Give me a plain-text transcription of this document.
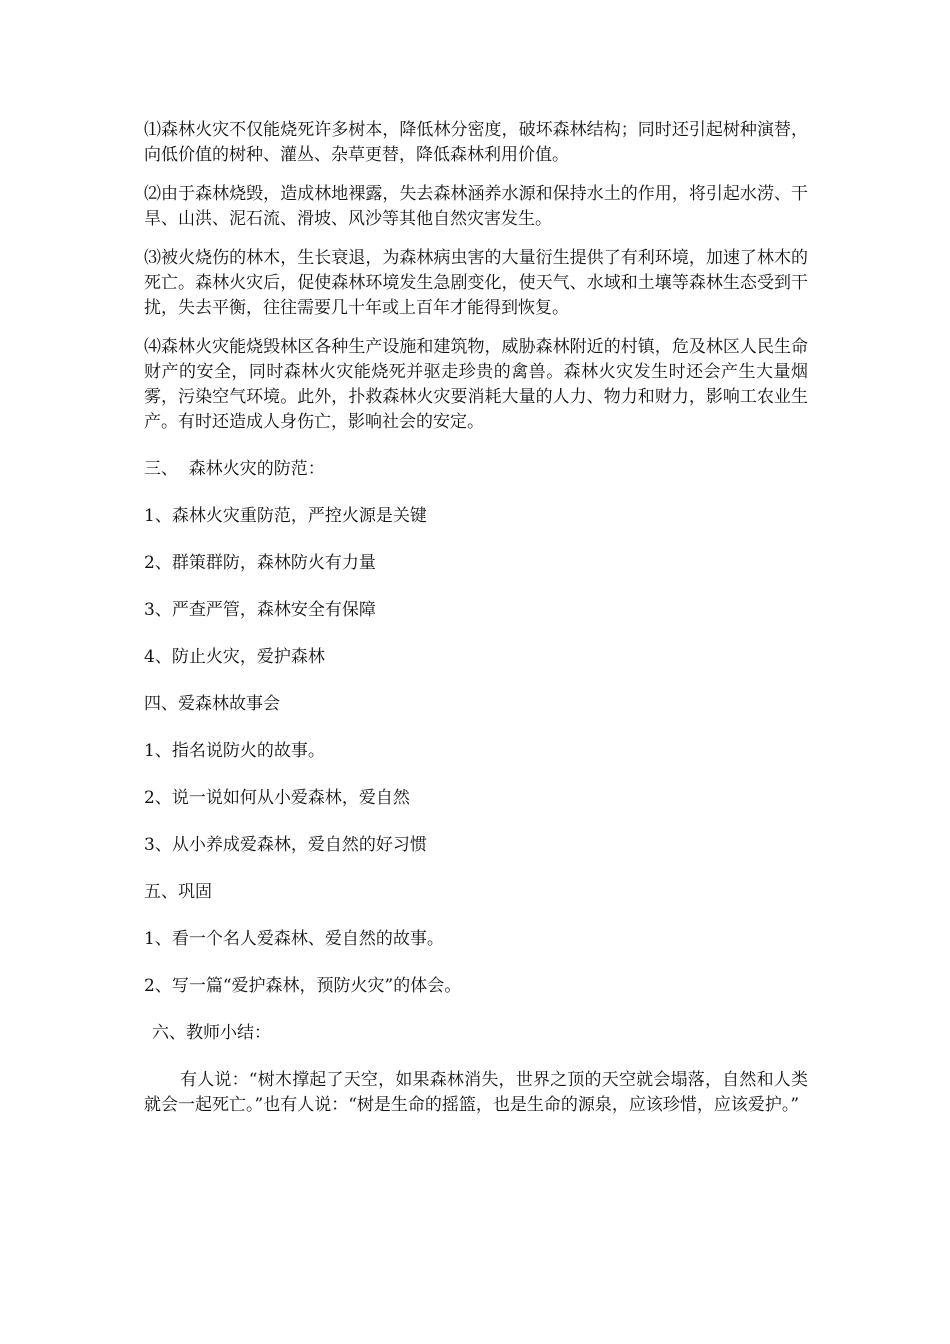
⑴森林火灾不仅能烧死许多树本，降低林分密度，破坏森林结构；同时还引起树种演替，向低价值的树种、灌丛、杂草更替，降低森林利用价值。

⑵由于森林烧毁，造成林地裸露，失去森林涵养水源和保持水土的作用，将引起水涝、干旱、山洪、泥石流、滑坡、风沙等其他自然灾害发生。

⑶被火烧伤的林木，生长衰退，为森林病虫害的大量衍生提供了有利环境，加速了林木的死亡。森林火灾后，促使森林环境发生急剧变化，使天气、水域和土壤等森林生态受到干扰，失去平衡，往往需要几十年或上百年才能得到恢复。

⑷森林火灾能烧毁林区各种生产设施和建筑物，威胁森林附近的村镇，危及林区人民生命财产的安全，同时森林火灾能烧死并驱走珍贵的禽兽。森林火灾发生时还会产生大量烟雾，污染空气环境。此外，扑救森林火灾要消耗大量的人力、物力和财力，影响工农业生产。有时还造成人身伤亡，影响社会的安定。

三、  森林火灾的防范：
1、森林火灾重防范，严控火源是关键
2、群策群防，森林防火有力量
3、严查严管，森林安全有保障
4、防止火灾，爱护森林
四、爱森林故事会
1、指名说防火的故事。
2、说一说如何从小爱森林，爱自然
3、从小养成爱森林，爱自然的好习惯
五、巩固
1、看一个名人爱森林、爱自然的故事。
2、写一篇“爱护森林，预防火灾”的体会。
六、教师小结：

有人说：“树木撑起了天空，如果森林消失，世界之顶的天空就会塌落，自然和人类就会一起死亡。”也有人说：“树是生命的摇篮，也是生命的源泉，应该珍惜，应该爱护。”
